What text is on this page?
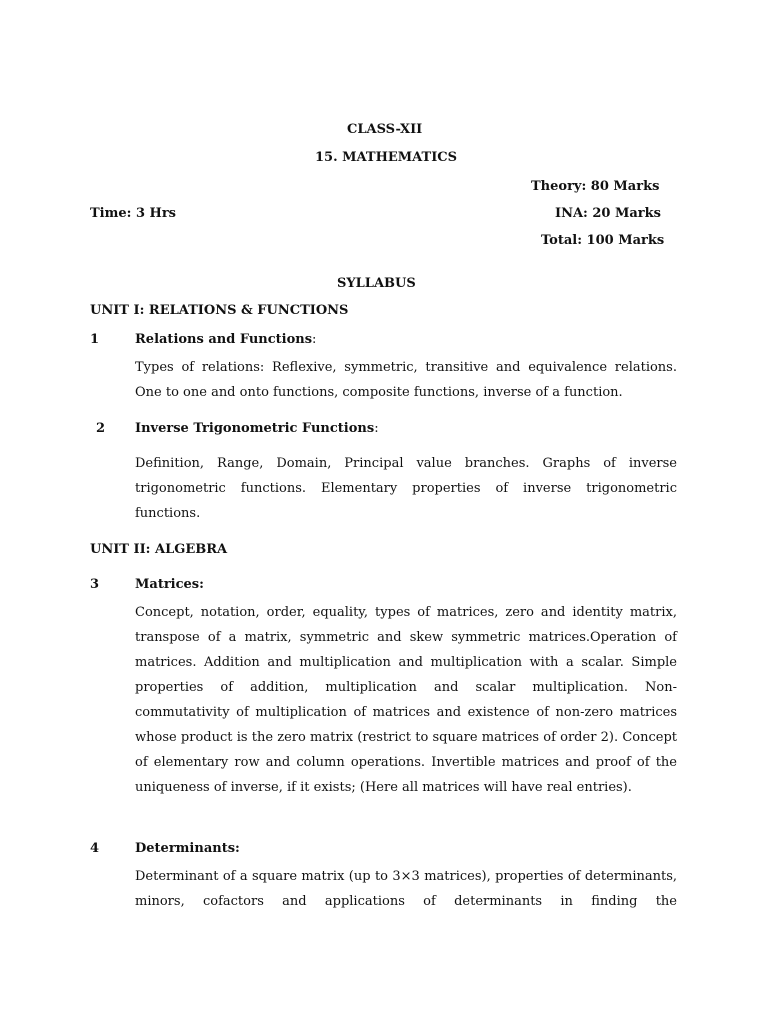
CLASS-XII
15. MATHEMATICS
Theory: 80 Marks
Time: 3 Hrs	INA: 20 Marks
Total: 100 Marks
SYLLABUS
UNIT I: RELATIONS & FUNCTIONS
1	Relations and Functions:
Types of relations: Reflexive, symmetric, transitive and equivalence relations. One to one and onto functions, composite functions, inverse of a function.
2 Inverse Trigonometric Functions:
Definition, Range, Domain, Principal value branches. Graphs of inverse trigonometric functions. Elementary properties of inverse trigonometric functions.
UNIT II: ALGEBRA
3	Matrices:
Concept, notation, order, equality, types of matrices, zero and identity matrix, transpose of a matrix, symmetric and skew symmetric matrices.Operation of matrices. Addition and multiplication and multiplication with a scalar. Simple properties of addition, multiplication and scalar multiplication. Non-commutativity of multiplication of matrices and existence of non-zero matrices whose product is the zero matrix (restrict to square matrices of order 2). Concept of elementary row and column operations. Invertible matrices and proof of the uniqueness of inverse, if it exists; (Here all matrices will have real entries).
4	Determinants:
Determinant of a square matrix (up to 3×3 matrices), properties of determinants, minors, cofactors and applications of determinants in finding the
